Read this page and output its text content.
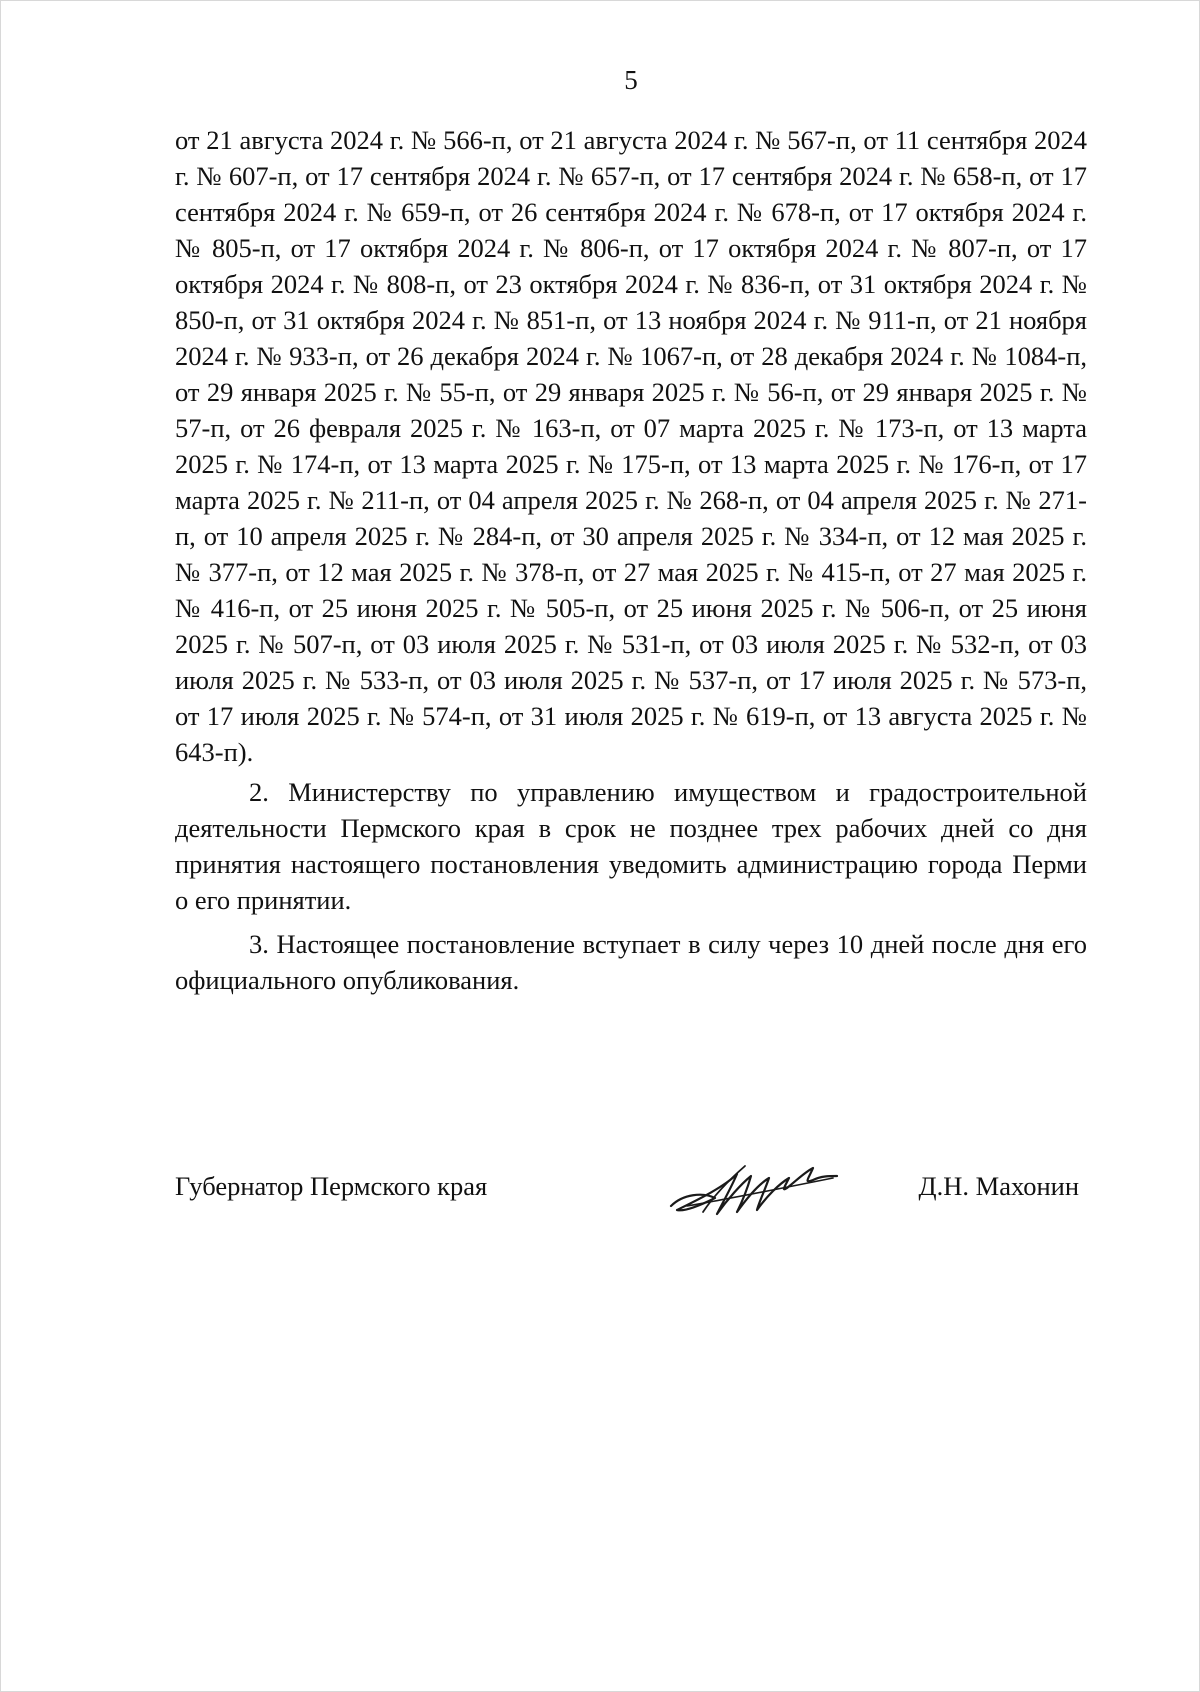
5

от 21 августа 2024 г. № 566-п, от 21 августа 2024 г. № 567-п, от 11 сентября 2024 г. № 607-п, от 17 сентября 2024 г. № 657-п, от 17 сентября 2024 г. № 658-п, от 17 сентября 2024 г. № 659-п, от 26 сентября 2024 г. № 678-п, от 17 октября 2024 г. № 805-п, от 17 октября 2024 г. № 806-п, от 17 октября 2024 г. № 807-п, от 17 октября 2024 г. № 808-п, от 23 октября 2024 г. № 836-п, от 31 октября 2024 г. № 850-п, от 31 октября 2024 г. № 851-п, от 13 ноября 2024 г. № 911-п, от 21 ноября 2024 г. № 933-п, от 26 декабря 2024 г. № 1067-п, от 28 декабря 2024 г. № 1084-п, от 29 января 2025 г. № 55-п, от 29 января 2025 г. № 56-п, от 29 января 2025 г. № 57-п, от 26 февраля 2025 г. № 163-п, от 07 марта 2025 г. № 173-п, от 13 марта 2025 г. № 174-п, от 13 марта 2025 г. № 175-п, от 13 марта 2025 г. № 176-п, от 17 марта 2025 г. № 211-п, от 04 апреля 2025 г. № 268-п, от 04 апреля 2025 г. № 271-п, от 10 апреля 2025 г. № 284-п, от 30 апреля 2025 г. № 334-п, от 12 мая 2025 г. № 377-п, от 12 мая 2025 г. № 378-п, от 27 мая 2025 г. № 415-п, от 27 мая 2025 г. № 416-п, от 25 июня 2025 г. № 505-п, от 25 июня 2025 г. № 506-п, от 25 июня 2025 г. № 507-п, от 03 июля 2025 г. № 531-п, от 03 июля 2025 г. № 532-п, от 03 июля 2025 г. № 533-п, от 03 июля 2025 г. № 537-п, от 17 июля 2025 г. № 573-п, от 17 июля 2025 г. № 574-п, от 31 июля 2025 г. № 619-п, от 13 августа 2025 г. № 643-п).

2. Министерству по управлению имуществом и градостроительной деятельности Пермского края в срок не позднее трех рабочих дней со дня принятия настоящего постановления уведомить администрацию города Перми о его принятии.

3. Настоящее постановление вступает в силу через 10 дней после дня его официального опубликования.

Губернатор Пермского края	Д.Н. Махонин
